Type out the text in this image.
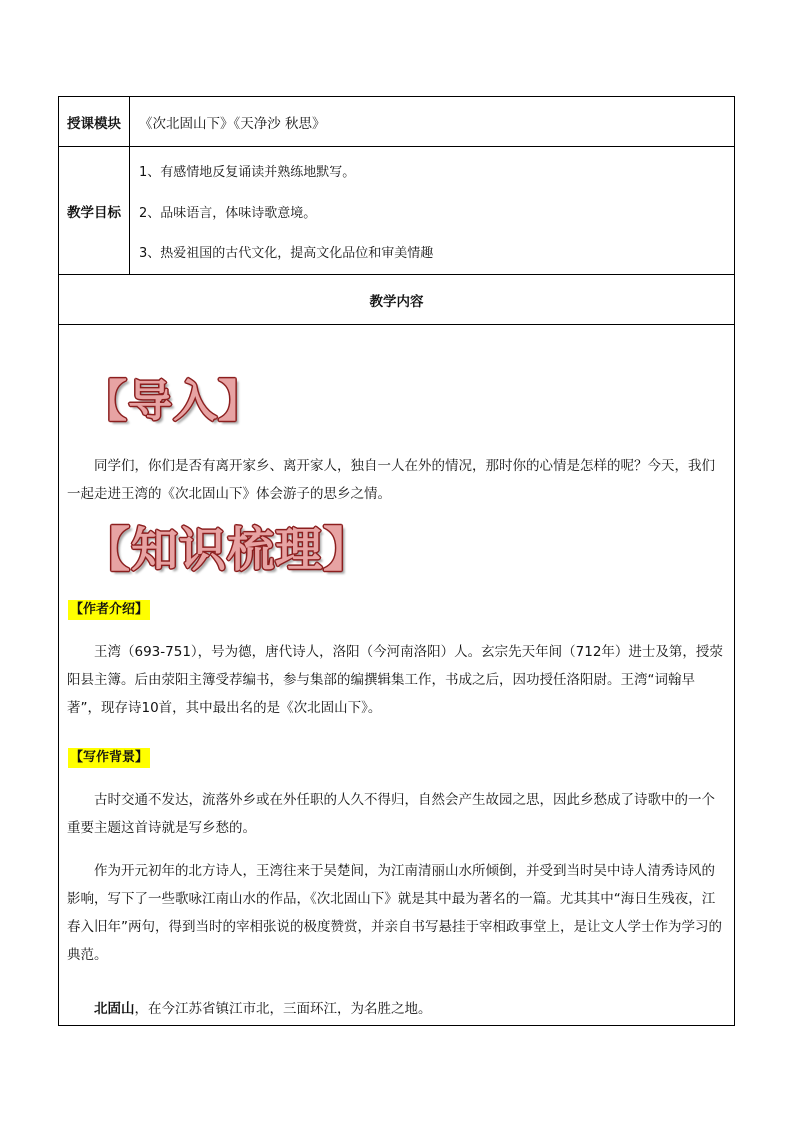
授课模块	《次北固山下》《天净沙 秋思》
教学目标
1、有感情地反复诵读并熟练地默写。
2、品味语言，体味诗歌意境。
3、热爱祖国的古代文化，提高文化品位和审美情趣
教学内容
【导入】
同学们，你们是否有离开家乡、离开家人，独自一人在外的情况，那时你的心情是怎样的呢？今天，我们一起走进王湾的《次北固山下》体会游子的思乡之情。
【知识梳理】
【作者介绍】
王湾（693-751），号为德，唐代诗人，洛阳（今河南洛阳）人。玄宗先天年间（712年）进士及第，授荥阳县主簿。后由荥阳主簿受荐编书，参与集部的编撰辑集工作，书成之后，因功授任洛阳尉。王湾“词翰早著”，现存诗10首，其中最出名的是《次北固山下》。
【写作背景】
古时交通不发达，流落外乡或在外任职的人久不得归，自然会产生故园之思，因此乡愁成了诗歌中的一个重要主题这首诗就是写乡愁的。
作为开元初年的北方诗人，王湾往来于吴楚间，为江南清丽山水所倾倒，并受到当时吴中诗人清秀诗风的影响，写下了一些歌咏江南山水的作品，《次北固山下》就是其中最为著名的一篇。尤其其中“海日生残夜，江春入旧年”两句，得到当时的宰相张说的极度赞赏，并亲自书写悬挂于宰相政事堂上，是让文人学士作为学习的典范。
北固山，在今江苏省镇江市北，三面环江，为名胜之地。
